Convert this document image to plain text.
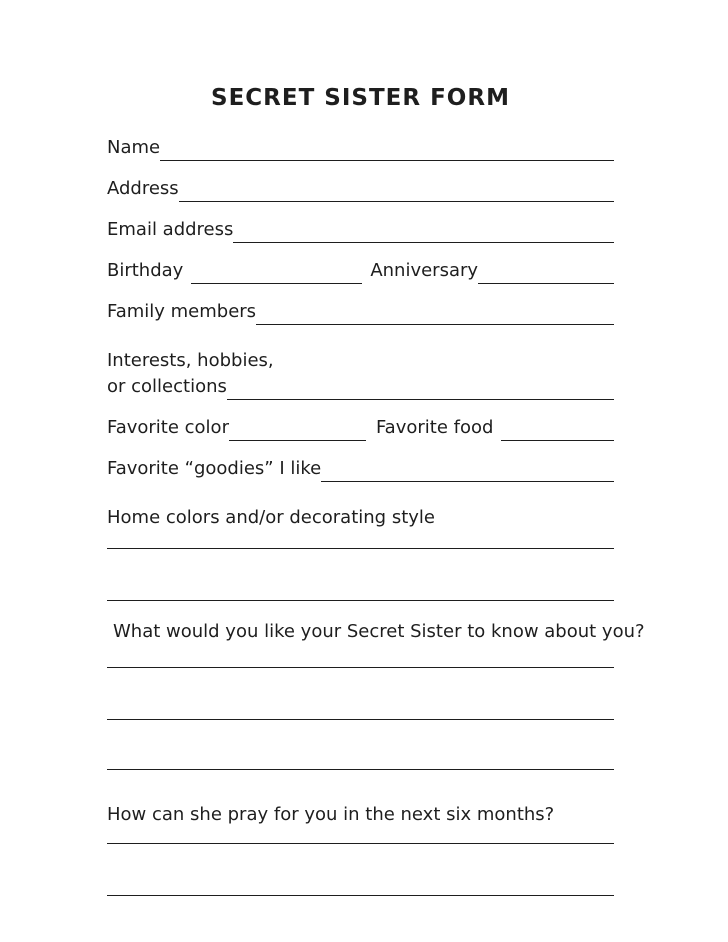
SECRET SISTER FORM
Name
Address
Email address
Birthday	Anniversary
Family members
Interests, hobbies,
or collections
Favorite color	Favorite food
Favorite “goodies” I like
Home colors and/or decorating style
What would you like your Secret Sister to know about you?
How can she pray for you in the next six months?
